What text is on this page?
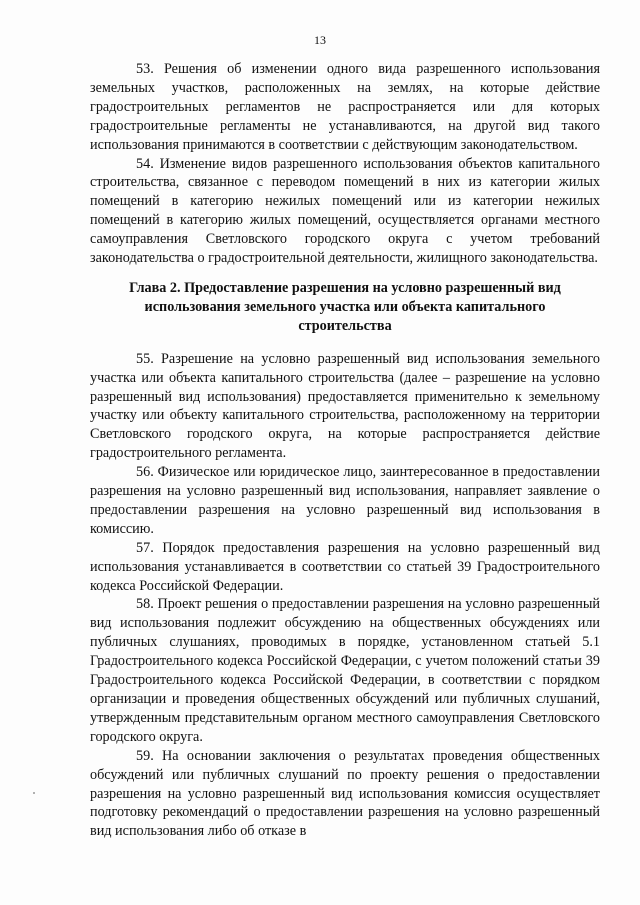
13

53. Решения об изменении одного вида разрешенного использования земельных участков, расположенных на землях, на которые действие градостроительных регламентов не распространяется или для которых градостроительные регламенты не устанавливаются, на другой вид такого использования принимаются в соответствии с действующим законодательством.

54. Изменение видов разрешенного использования объектов капитального строительства, связанное с переводом помещений в них из категории жилых помещений в категорию нежилых помещений или из категории нежилых помещений в категорию жилых помещений, осуществляется органами местного самоуправления Светловского городского округа с учетом требований законодательства о градостроительной деятельности, жилищного законодательства.

Глава 2. Предоставление разрешения на условно разрешенный вид использования земельного участка или объекта капитального строительства

55. Разрешение на условно разрешенный вид использования земельного участка или объекта капитального строительства (далее – разрешение на условно разрешенный вид использования) предоставляется применительно к земельному участку или объекту капитального строительства, расположенному на территории Светловского городского округа, на которые распространяется действие градостроительного регламента.

56. Физическое или юридическое лицо, заинтересованное в предоставлении разрешения на условно разрешенный вид использования, направляет заявление о предоставлении разрешения на условно разрешенный вид использования в комиссию.

57. Порядок предоставления разрешения на условно разрешенный вид использования устанавливается в соответствии со статьей 39 Градостроительного кодекса Российской Федерации.

58. Проект решения о предоставлении разрешения на условно разрешенный вид использования подлежит обсуждению на общественных обсуждениях или публичных слушаниях, проводимых в порядке, установленном статьей 5.1 Градостроительного кодекса Российской Федерации, с учетом положений статьи 39 Градостроительного кодекса Российской Федерации, в соответствии с порядком организации и проведения общественных обсуждений или публичных слушаний, утвержденным представительным органом местного самоуправления Светловского городского округа.

59. На основании заключения о результатах проведения общественных обсуждений или публичных слушаний по проекту решения о предоставлении разрешения на условно разрешенный вид использования комиссия осуществляет подготовку рекомендаций о предоставлении разрешения на условно разрешенный вид использования либо об отказе в
